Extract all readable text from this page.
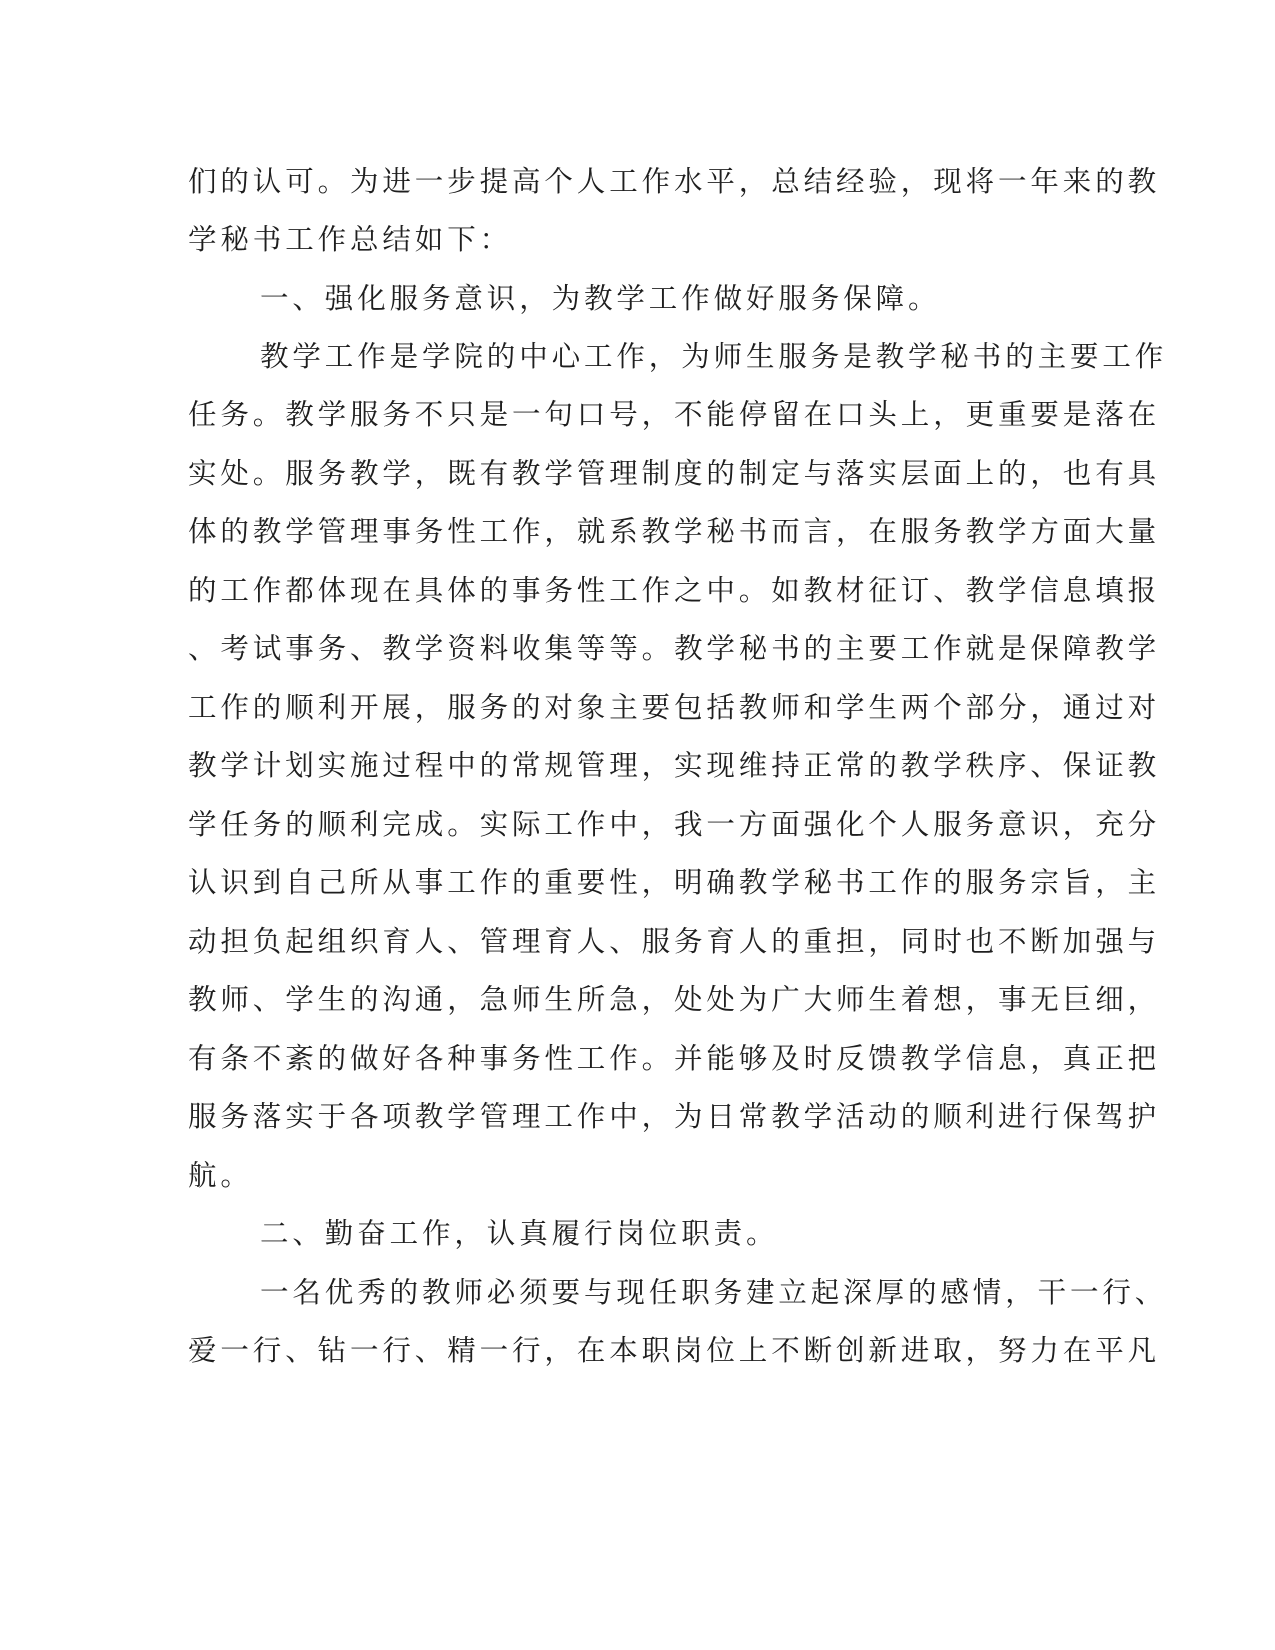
们的认可。为进一步提高个人工作水平，总结经验，现将一年来的教
学秘书工作总结如下：
一、强化服务意识，为教学工作做好服务保障。
教学工作是学院的中心工作，为师生服务是教学秘书的主要工作
任务。教学服务不只是一句口号，不能停留在口头上，更重要是落在
实处。服务教学，既有教学管理制度的制定与落实层面上的，也有具
体的教学管理事务性工作，就系教学秘书而言，在服务教学方面大量
的工作都体现在具体的事务性工作之中。如教材征订、教学信息填报
、考试事务、教学资料收集等等。教学秘书的主要工作就是保障教学
工作的顺利开展，服务的对象主要包括教师和学生两个部分，通过对
教学计划实施过程中的常规管理，实现维持正常的教学秩序、保证教
学任务的顺利完成。实际工作中，我一方面强化个人服务意识，充分
认识到自己所从事工作的重要性，明确教学秘书工作的服务宗旨，主
动担负起组织育人、管理育人、服务育人的重担，同时也不断加强与
教师、学生的沟通，急师生所急，处处为广大师生着想，事无巨细，
有条不紊的做好各种事务性工作。并能够及时反馈教学信息，真正把
服务落实于各项教学管理工作中，为日常教学活动的顺利进行保驾护
航。
二、勤奋工作，认真履行岗位职责。
一名优秀的教师必须要与现任职务建立起深厚的感情，干一行、
爱一行、钻一行、精一行，在本职岗位上不断创新进取，努力在平凡
